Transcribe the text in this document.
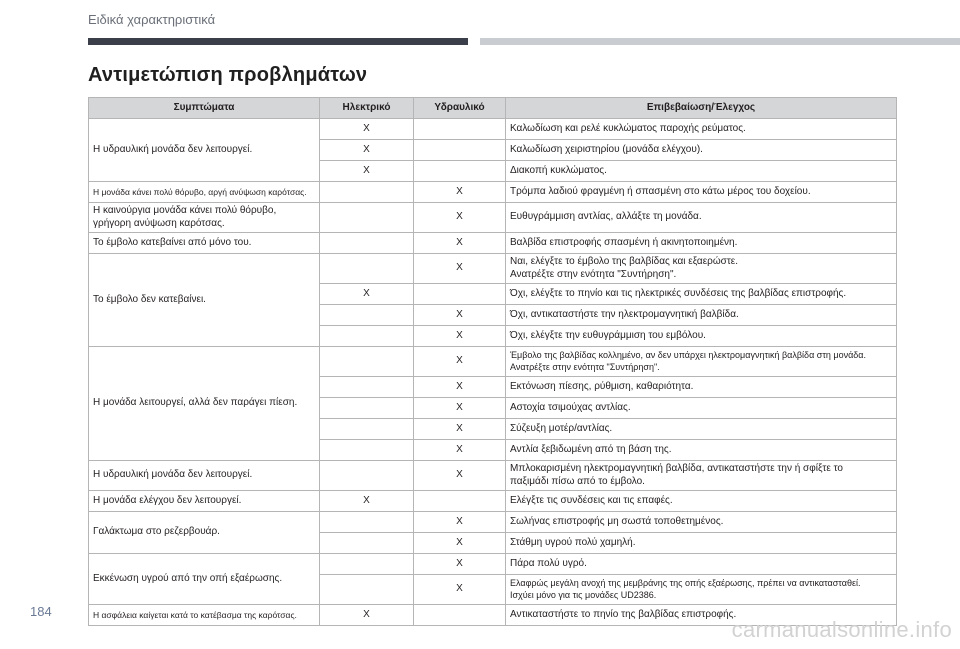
Ειδικά χαρακτηριστικά
Αντιμετώπιση προβλημάτων
Συμπτώματα	Ηλεκτρικό	Υδραυλικό	Επιβεβαίωση/Έλεγχος
Η υδραυλική μονάδα δεν λειτουργεί.	X		Καλωδίωση και ρελέ κυκλώματος παροχής ρεύματος.

	X		Καλωδίωση χειριστηρίου (μονάδα ελέγχου).

	X		Διακοπή κυκλώματος.

Η μονάδα κάνει πολύ θόρυβο, αργή ανύψωση καρότσας.		X	Τρόμπα λαδιού φραγμένη ή σπασμένη στο κάτω μέρος του δοχείου.

Η καινούργια μονάδα κάνει πολύ θόρυβο,
γρήγορη ανύψωση καρότσας.		X	Ευθυγράμμιση αντλίας, αλλάξτε τη μονάδα.

Το έμβολο κατεβαίνει από μόνο του.		X	Βαλβίδα επιστροφής σπασμένη ή ακινητοποιημένη.

Το έμβολο δεν κατεβαίνει.		X	Ναι, ελέγξτε το έμβολο της βαλβίδας και εξαερώστε.
Ανατρέξτε στην ενότητα "Συντήρηση".

	X		Όχι, ελέγξτε το πηνίο και τις ηλεκτρικές συνδέσεις της βαλβίδας επιστροφής.

		X	Όχι, αντικαταστήστε την ηλεκτρομαγνητική βαλβίδα.

		X	Όχι, ελέγξτε την ευθυγράμμιση του εμβόλου.

Η μονάδα λειτουργεί, αλλά δεν παράγει πίεση.		X	Έμβολο της βαλβίδας κολλημένο, αν δεν υπάρχει ηλεκτρομαγνητική βαλβίδα στη μονάδα.
Ανατρέξτε στην ενότητα "Συντήρηση".

		X	Εκτόνωση πίεσης, ρύθμιση, καθαριότητα.

		X	Αστοχία τσιμούχας αντλίας.

		X	Σύζευξη μοτέρ/αντλίας.

		X	Αντλία ξεβιδωμένη από τη βάση της.

Η υδραυλική μονάδα δεν λειτουργεί.		X	Μπλοκαρισμένη ηλεκτρομαγνητική βαλβίδα, αντικαταστήστε την ή σφίξτε το
παξιμάδι πίσω από το έμβολο.

Η μονάδα ελέγχου δεν λειτουργεί.	X		Ελέγξτε τις συνδέσεις και τις επαφές.

Γαλάκτωμα στο ρεζερβουάρ.		X	Σωλήνας επιστροφής μη σωστά τοποθετημένος.

		X	Στάθμη υγρού πολύ χαμηλή.

Εκκένωση υγρού από την οπή εξαέρωσης.		X	Πάρα πολύ υγρό.

		X	Ελαφρώς μεγάλη ανοχή της μεμβράνης της οπής εξαέρωσης, πρέπει να αντικατασταθεί.
Ισχύει μόνο για τις μονάδες UD2386.

Η ασφάλεια καίγεται κατά το κατέβασμα της καρότσας.	X		Αντικαταστήστε το πηνίο της βαλβίδας επιστροφής.
184
carmanualsonline.info
